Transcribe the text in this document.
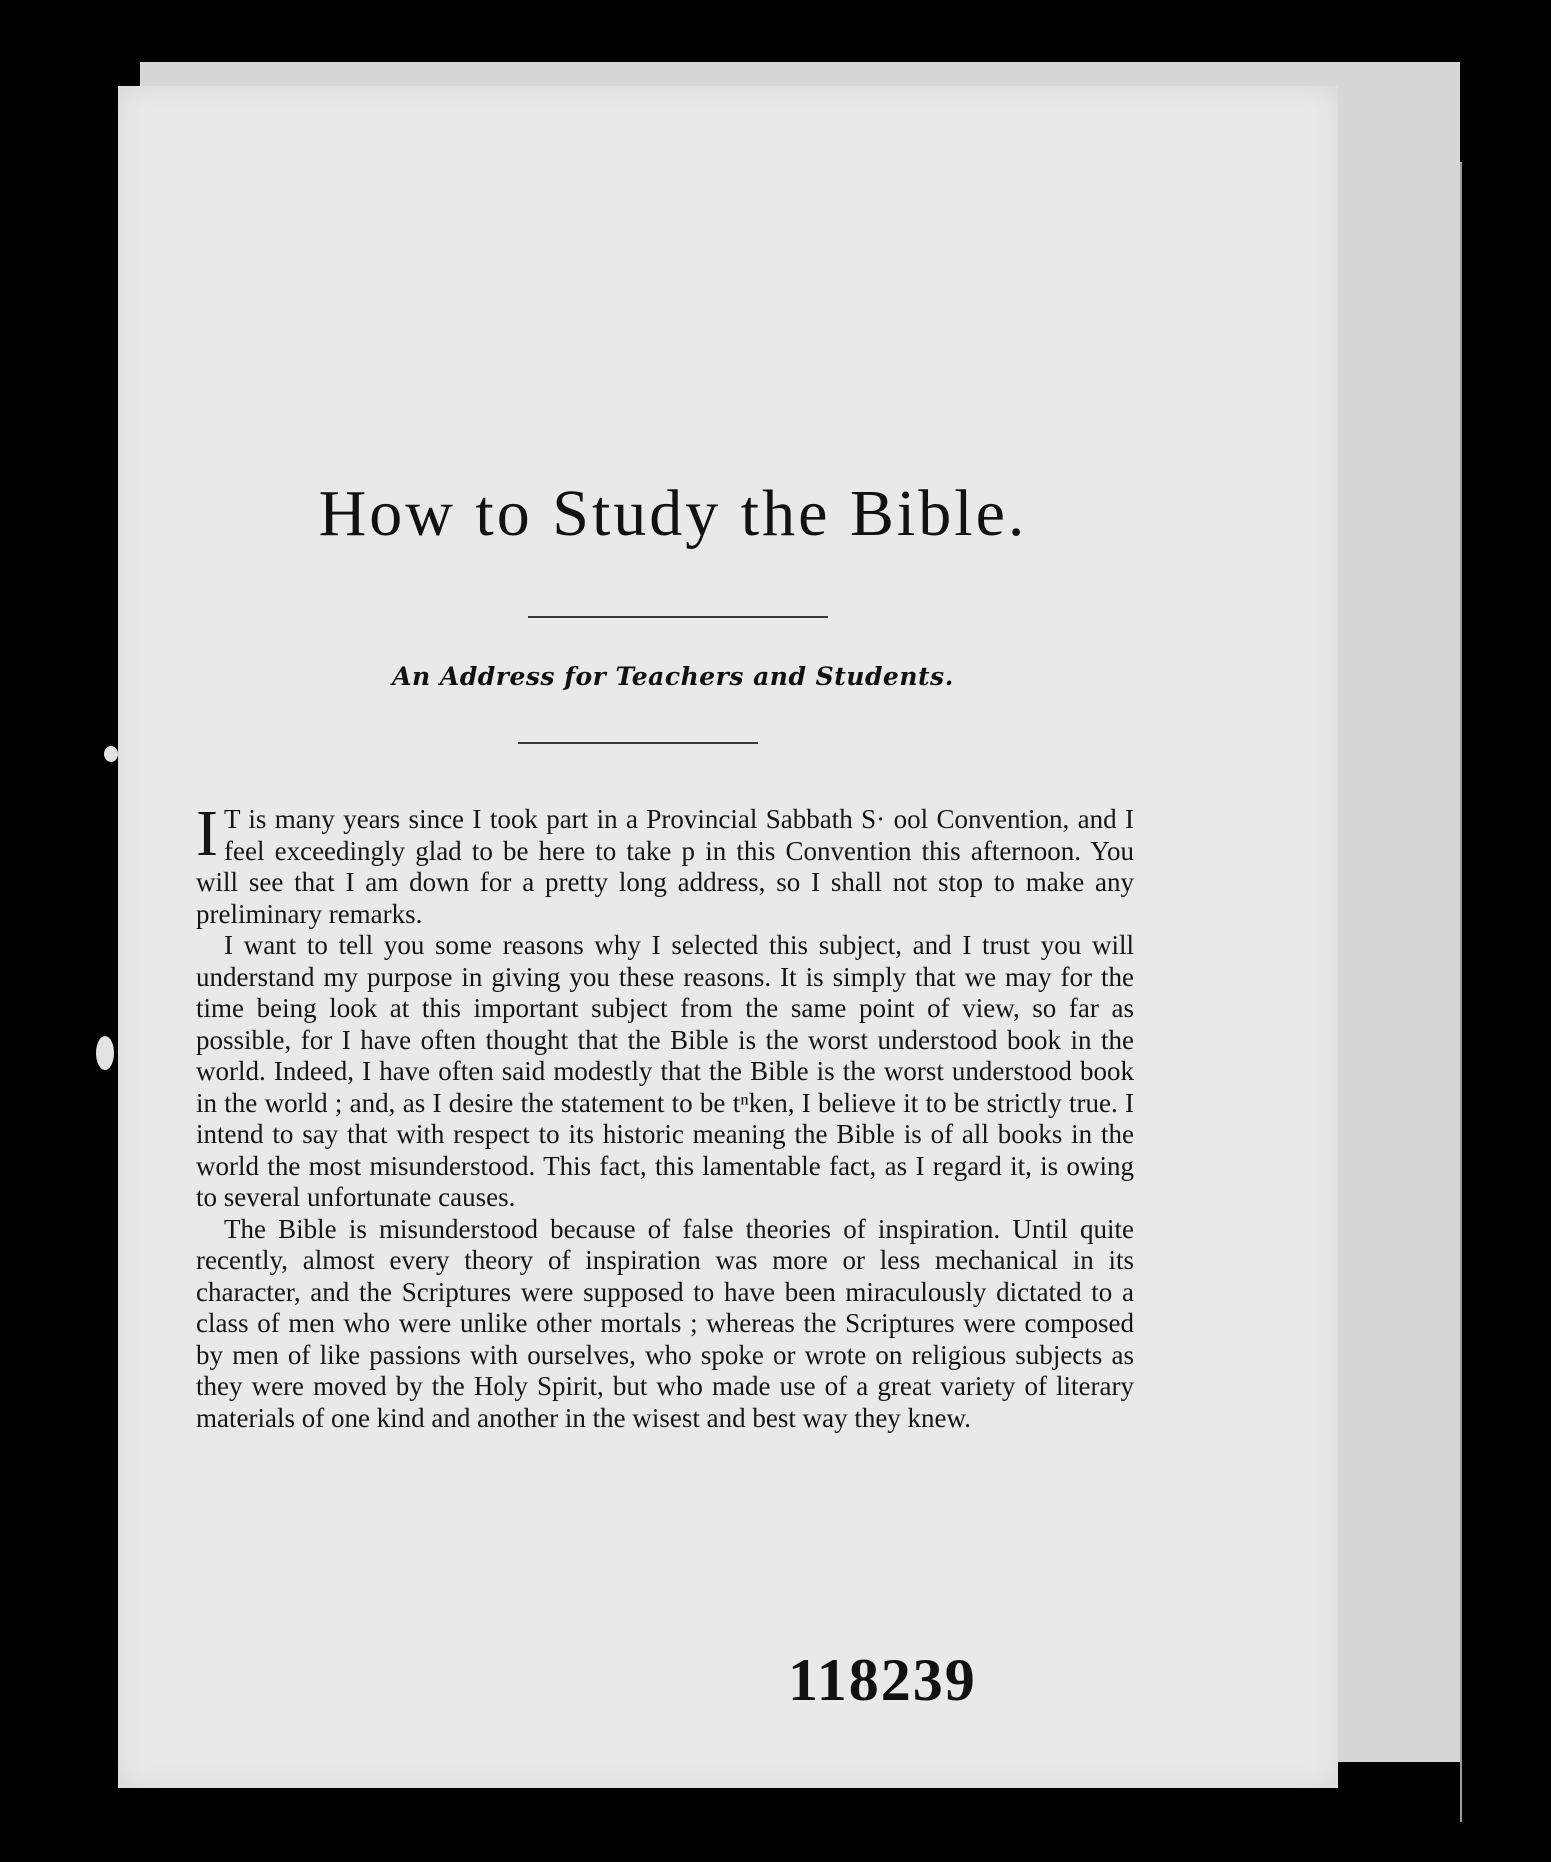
How to Study the Bible.
An Address for Teachers and Students.

I T is many years since I took part in a Provincial Sabbath S· ool Convention, and I feel exceedingly glad to be here to take p in this Convention this afternoon. You will see that I am down for a pretty long address, so I shall not stop to make any preliminary remarks.

I want to tell you some reasons why I selected this subject, and I trust you will understand my purpose in giving you these reasons. It is simply that we may for the time being look at this important subject from the same point of view, so far as possible, for I have often thought that the Bible is the worst understood book in the world. Indeed, I have often said modestly that the Bible is the worst understood book in the world ; and, as I desire the statement to be tⁿken, I believe it to be strictly true. I intend to say that with respect to its historic meaning the Bible is of all books in the world the most misunderstood. This fact, this lamentable fact, as I regard it, is owing to several unfortunate causes.

The Bible is misunderstood because of false theories of inspiration. Until quite recently, almost every theory of inspiration was more or less mechanical in its character, and the Scriptures were supposed to have been miraculously dictated to a class of men who were unlike other mortals ; whereas the Scriptures were composed by men of like passions with ourselves, who spoke or wrote on religious subjects as they were moved by the Holy Spirit, but who made use of a great variety of literary materials of one kind and another in the wisest and best way they knew.

118239
